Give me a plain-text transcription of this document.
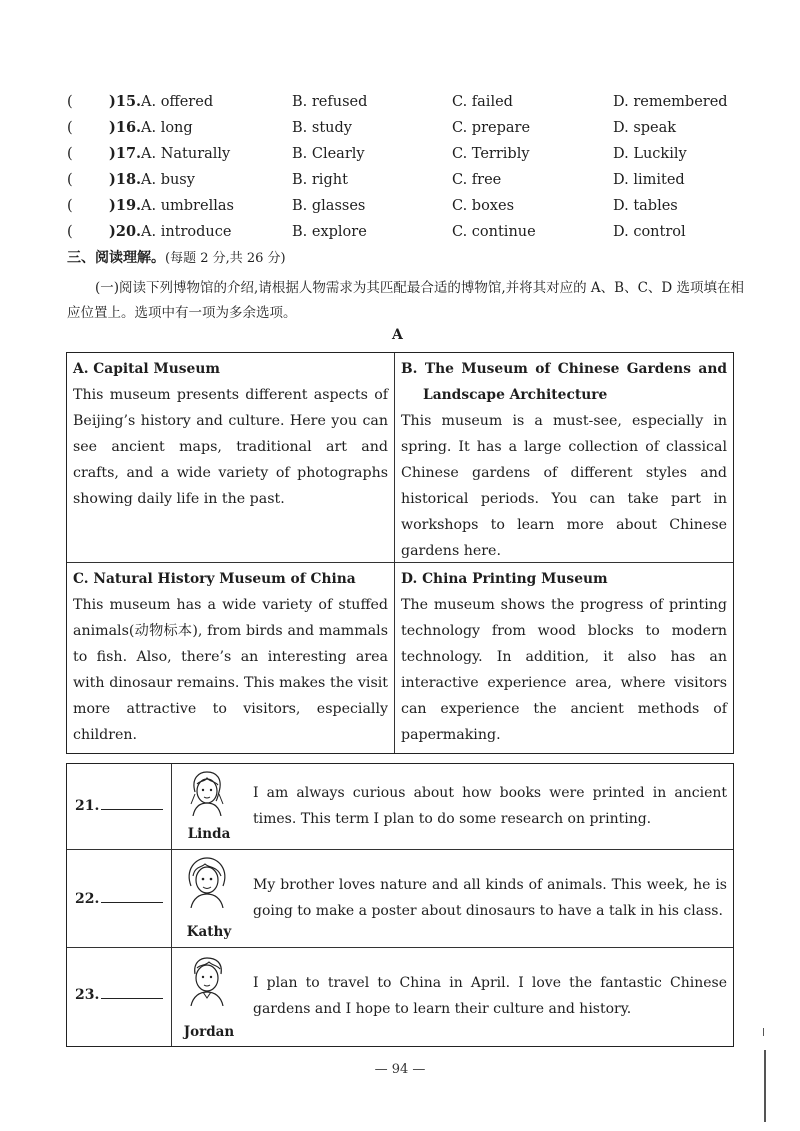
(	)15. A. offered	B. refused	C. failed	D. remembered
(	)16. A. long	B. study	C. prepare	D. speak
(	)17. A. Naturally	B. Clearly	C. Terribly	D. Luckily
(	)18. A. busy	B. right	C. free	D. limited
(	)19. A. umbrellas	B. glasses	C. boxes	D. tables
(	)20. A. introduce	B. explore	C. continue	D. control
三、阅读理解。(每题 2 分,共 26 分)
(一)阅读下列博物馆的介绍,请根据人物需求为其匹配最合适的博物馆,并将其对应的 A、B、C、D 选项填在相应位置上。选项中有一项为多余选项。
A
A. Capital Museum
This museum presents different aspects of Beijing’s history and culture. Here you can see ancient maps, traditional art and crafts, and a wide variety of photographs showing daily life in the past.
B. The Museum of Chinese Gardens and
Landscape Architecture
This museum is a must-see, especially in spring. It has a large collection of classical Chinese gardens of different styles and historical periods. You can take part in workshops to learn more about Chinese gardens here.
C. Natural History Museum of China
This museum has a wide variety of stuffed animals(动物标本), from birds and mammals to fish. Also, there’s an interesting area with dinosaur remains. This makes the visit more attractive to visitors, especially children.
D. China Printing Museum
The museum shows the progress of printing technology from wood blocks to modern technology. In addition, it also has an interactive experience area, where visitors can experience the ancient methods of papermaking.
21.
Linda
I am always curious about how books were printed in ancient times. This term I plan to do some research on printing.
22.
Kathy
My brother loves nature and all kinds of animals. This week, he is going to make a poster about dinosaurs to have a talk in his class.
23.
Jordan
I plan to travel to China in April. I love the fantastic Chinese gardens and I hope to learn their culture and history.
— 94 —
